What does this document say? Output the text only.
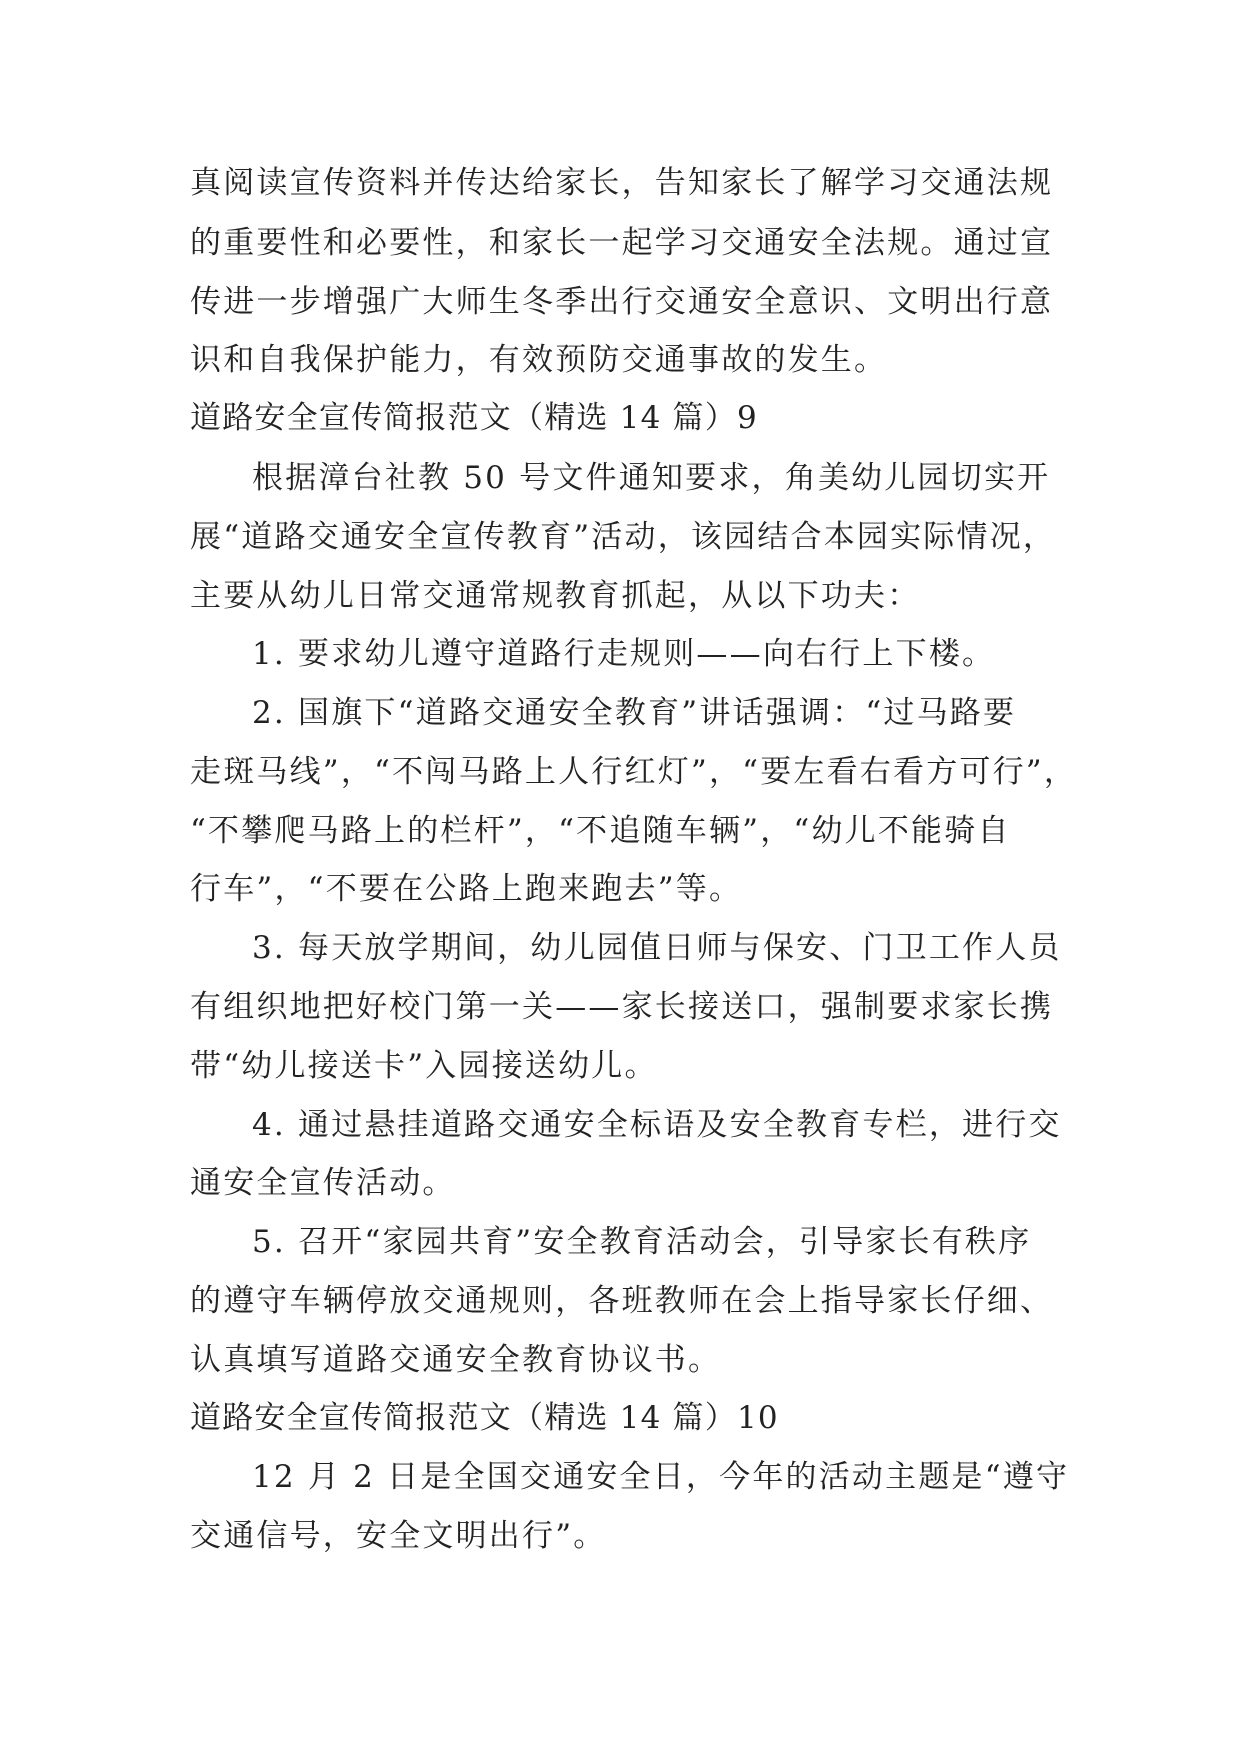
真阅读宣传资料并传达给家长，告知家长了解学习交通法规

的重要性和必要性，和家长一起学习交通安全法规。通过宣

传进一步增强广大师生冬季出行交通安全意识、文明出行意

识和自我保护能力，有效预防交通事故的发生。

道路安全宣传简报范文（精选 14 篇）9

根据漳台社教 50 号文件通知要求，角美幼儿园切实开

展“道路交通安全宣传教育”活动，该园结合本园实际情况，

主要从幼儿日常交通常规教育抓起，从以下功夫：

1. 要求幼儿遵守道路行走规则——向右行上下楼。

2. 国旗下“道路交通安全教育”讲话强调：“过马路要

走斑马线”，“不闯马路上人行红灯”，“要左看右看方可行”，

“不攀爬马路上的栏杆”，“不追随车辆”，“幼儿不能骑自

行车”，“不要在公路上跑来跑去”等。

3. 每天放学期间，幼儿园值日师与保安、门卫工作人员

有组织地把好校门第一关——家长接送口，强制要求家长携

带“幼儿接送卡”入园接送幼儿。

4. 通过悬挂道路交通安全标语及安全教育专栏，进行交

通安全宣传活动。

5. 召开“家园共育”安全教育活动会，引导家长有秩序

的遵守车辆停放交通规则，各班教师在会上指导家长仔细、

认真填写道路交通安全教育协议书。

道路安全宣传简报范文（精选 14 篇）10

12 月 2 日是全国交通安全日，今年的活动主题是“遵守

交通信号，安全文明出行”。
